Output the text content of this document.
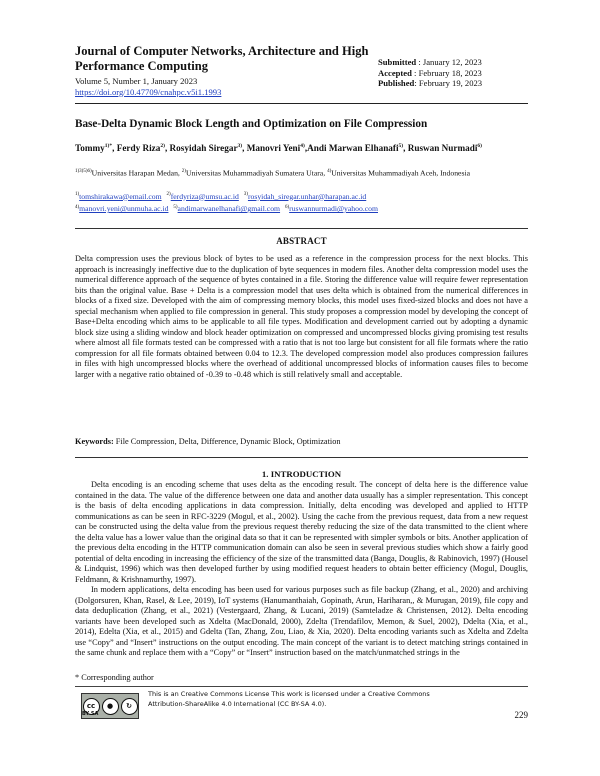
Journal of Computer Networks, Architecture and High Performance Computing
Volume 5, Number 1, January 2023
https://doi.org/10.47709/cnahpc.v5i1.1993
Submitted : January 12, 2023
Accepted : February 18, 2023
Published: February 19, 2023
Base-Delta Dynamic Block Length and Optimization on File Compression
Tommy$^{1)*}$, Ferdy Riza$^{2)}$, Rosyidah Siregar$^{3)}$, Manovri Yeni$^{4)}$,Andi Marwan Elhanafi$^{5)}$, Ruswan Nurmadi$^{6)}$
$^{1)3)5)6)}$Universitas Harapan Medan, $^{2)}$Universitas Muhammadiyah Sumatera Utara, $^{4)}$Universitas Muhammadiyah Aceh, Indonesia
$^{1)}$tomshirakawa@email.com $^{2)}$ferdyriza@umsu.ac.id $^{3)}$rosyidah_siregar.unhar@harapan.ac.id
$^{4)}$manovri.yeni@unmuha.ac.id $^{5)}$andimarwanelhanafi@gmail.com $^{6)}$ruswannurmadi@yahoo.com
ABSTRACT
Delta compression uses the previous block of bytes to be used as a reference in the compression process for the next blocks. This approach is increasingly ineffective due to the duplication of byte sequences in modern files. Another delta compression model uses the numerical difference approach of the sequence of bytes contained in a file. Storing the difference value will require fewer representation bits than the original value. Base + Delta is a compression model that uses delta which is obtained from the numerical differences in blocks of a fixed size. Developed with the aim of compressing memory blocks, this model uses fixed-sized blocks and does not have a special mechanism when applied to file compression in general. This study proposes a compression model by developing the concept of Base+Delta encoding which aims to be applicable to all file types. Modification and development carried out by adopting a dynamic block size using a sliding window and block header optimization on compressed and uncompressed blocks giving promising test results where almost all file formats tested can be compressed with a ratio that is not too large but consistent for all file formats where the ratio compression for all file formats obtained between 0.04 to 12.3. The developed compression model also produces compression failures in files with high uncompressed blocks where the overhead of additional uncompressed blocks of information causes files to become larger with a negative ratio obtained of -0.39 to -0.48 which is still relatively small and acceptable.
Keywords: File Compression, Delta, Difference, Dynamic Block, Optimization
1. INTRODUCTION

Delta encoding is an encoding scheme that uses delta as the encoding result. The concept of delta here is the difference value contained in the data. The value of the difference between one data and another data usually has a simpler representation. This concept is the basis of delta encoding applications in data compression. Initially, delta encoding was developed and applied to HTTP communications as can be seen in RFC-3229 (Mogul, et al., 2002). Using the cache from the previous request, data from a new request can be constructed using the delta value from the previous request thereby reducing the size of the data transmitted to the client where the delta value has a lower value than the original data so that it can be represented with simpler symbols or bits. Another application of the previous delta encoding in the HTTP communication domain can also be seen in several previous studies which show a fairly good potential of delta encoding in increasing the efficiency of the size of the transmitted data (Banga, Douglis, & Rabinovich, 1997) (Housel & Lindquist, 1996) which was then developed further by using modified request headers to obtain better efficiency (Mogul, Douglis, Feldmann, & Krishnamurthy, 1997).

In modern applications, delta encoding has been used for various purposes such as file backup (Zhang, et al., 2020) and archiving (Dolgorsuren, Khan, Rasel, & Lee, 2019), IoT systems (Hanumanthaiah, Gopinath, Arun, Hariharan,, & Murugan, 2019), file copy and data deduplication (Zhang, et al., 2021) (Vestergaard, Zhang, & Lucani, 2019) (Samteladze & Christensen, 2012). Delta encoding variants have been developed such as Xdelta (MacDonald, 2000), Zdelta (Trendafilov, Memon, & Suel, 2002), Ddelta (Xia, et al., 2014), Edelta (Xia, et al., 2015) and Gdelta (Tan, Zhang, Zou, Liao, & Xia, 2020). Delta encoding variants such as Xdelta and Zdelta use “Copy” and “Insert” instructions on the output encoding. The main concept of the variant is to detect matching strings contained in the same chunk and replace them with a “Copy” or “Insert” instruction based on the match/unmatched strings in the

* Corresponding author
cc	●	↻
BY SA
This is an Creative Commons License This work is licensed under a Creative Commons Attribution-ShareAlike 4.0 International (CC BY-SA 4.0).
229
